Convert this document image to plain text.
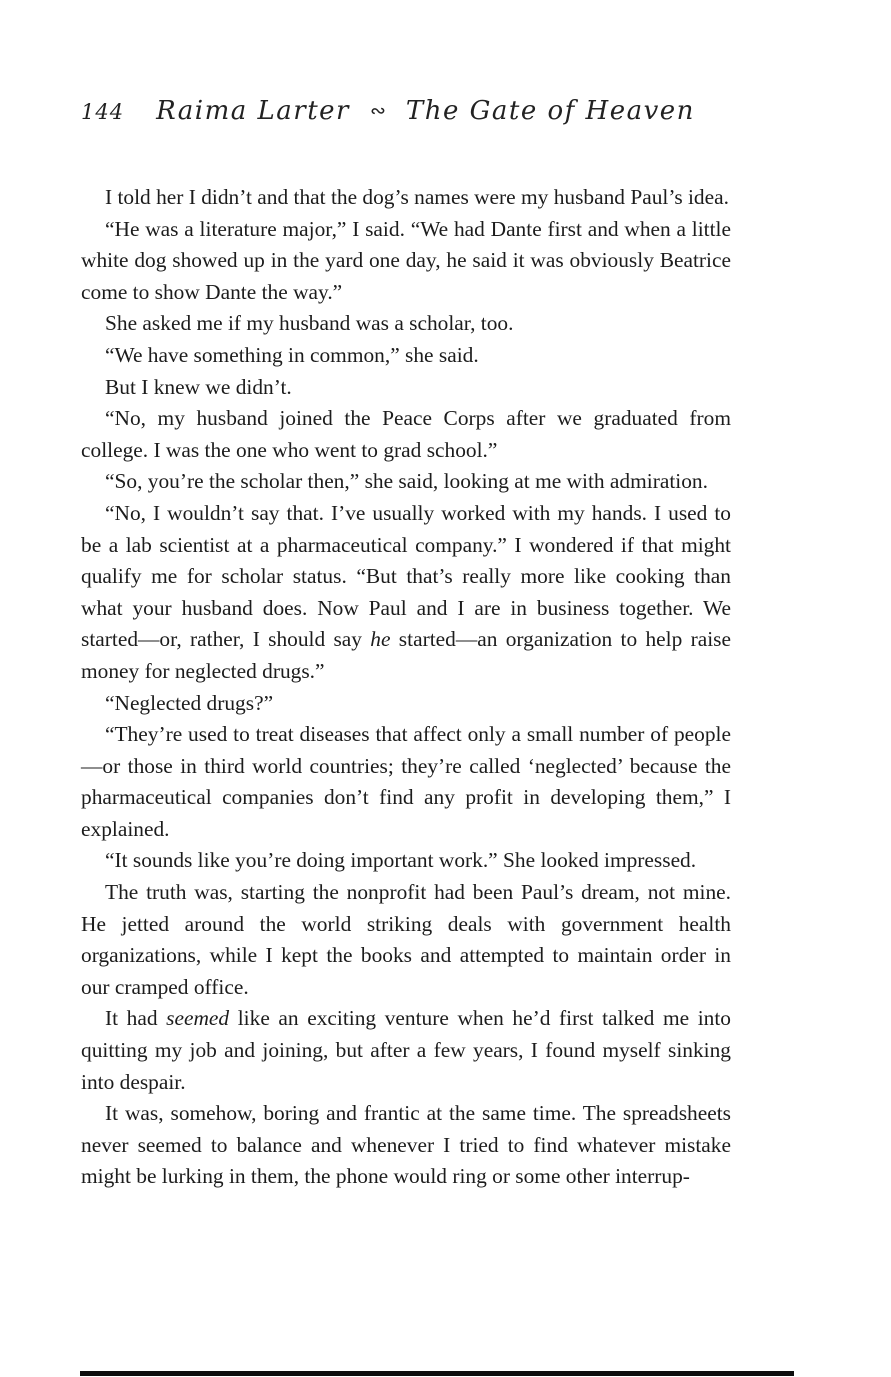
144 Raima Larter ∾ The Gate of Heaven

I told her I didn’t and that the dog’s names were my husband Paul’s idea.

“He was a literature major,” I said. “We had Dante first and when a little white dog showed up in the yard one day, he said it was obviously Beatrice come to show Dante the way.”

She asked me if my husband was a scholar, too.

“We have something in common,” she said.

But I knew we didn’t.

“No, my husband joined the Peace Corps after we graduated from college. I was the one who went to grad school.”

“So, you’re the scholar then,” she said, looking at me with admiration.

“No, I wouldn’t say that. I’ve usually worked with my hands. I used to be a lab scientist at a pharmaceutical company.” I wondered if that might qualify me for scholar status. “But that’s really more like cooking than what your husband does. Now Paul and I are in business together. We started—or, rather, I should say he started—an organization to help raise money for neglected drugs.”

“Neglected drugs?”

“They’re used to treat diseases that affect only a small number of people—or those in third world countries; they’re called ‘neglected’ because the pharmaceutical companies don’t find any profit in developing them,” I explained.

“It sounds like you’re doing important work.” She looked impressed.

The truth was, starting the nonprofit had been Paul’s dream, not mine. He jetted around the world striking deals with government health organizations, while I kept the books and attempted to maintain order in our cramped office.

It had seemed like an exciting venture when he’d first talked me into quitting my job and joining, but after a few years, I found myself sinking into despair.

It was, somehow, boring and frantic at the same time. The spreadsheets never seemed to balance and whenever I tried to find whatever mistake might be lurking in them, the phone would ring or some other interrup-
